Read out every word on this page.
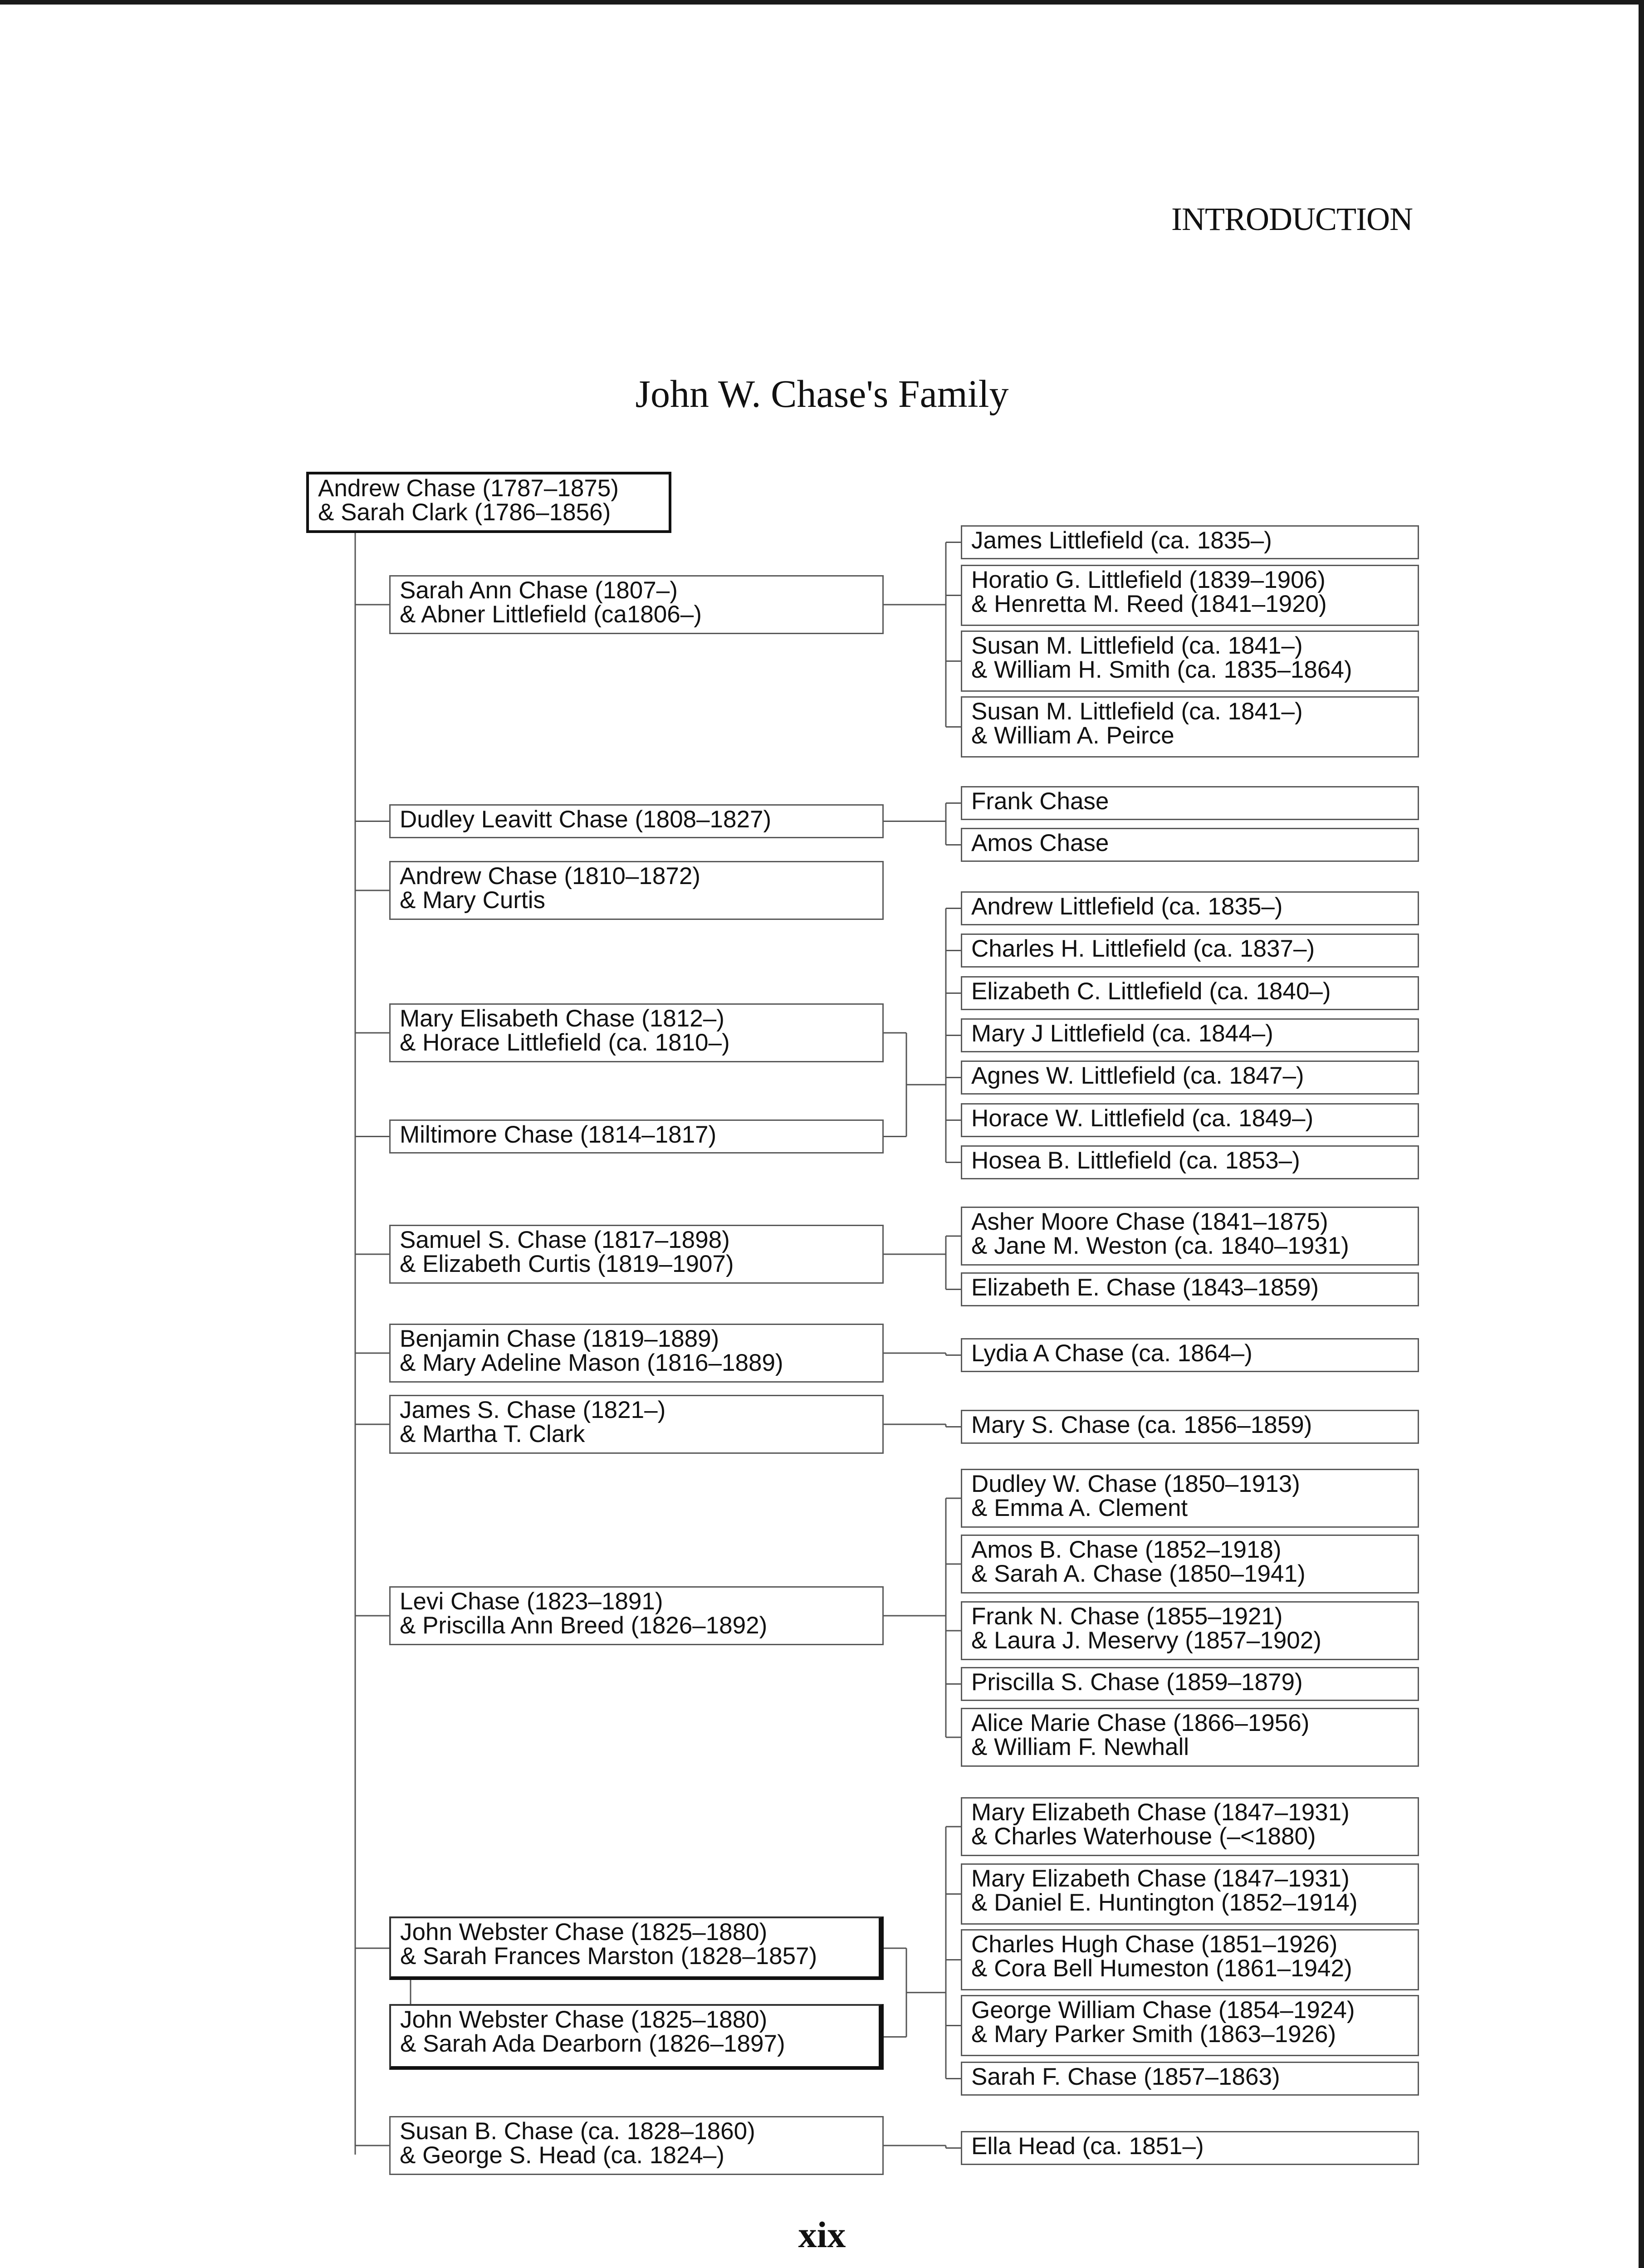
INTRODUCTION
John W. Chase's Family
Andrew Chase (1787–1875)
& Sarah Clark (1786–1856)
Sarah Ann Chase (1807–)
& Abner Littlefield (ca1806–)
Dudley Leavitt Chase (1808–1827)
Andrew Chase (1810–1872)
& Mary Curtis
Mary Elisabeth Chase (1812–)
& Horace Littlefield (ca. 1810–)
Miltimore Chase (1814–1817)
Samuel S. Chase (1817–1898)
& Elizabeth Curtis (1819–1907)
Benjamin Chase (1819–1889)
& Mary Adeline Mason (1816–1889)
James S. Chase (1821–)
& Martha T. Clark
Levi Chase (1823–1891)
& Priscilla Ann Breed (1826–1892)
John Webster Chase (1825–1880)
& Sarah Frances Marston (1828–1857)
John Webster Chase (1825–1880)
& Sarah Ada Dearborn (1826–1897)
Susan B. Chase (ca. 1828–1860)
& George S. Head (ca. 1824–)
James Littlefield (ca. 1835–)
Horatio G. Littlefield (1839–1906)
& Henretta M. Reed (1841–1920)
Susan M. Littlefield (ca. 1841–)
& William H. Smith (ca. 1835–1864)
Susan M. Littlefield (ca. 1841–)
& William A. Peirce
Frank Chase
Amos Chase
Andrew Littlefield (ca. 1835–)
Charles H. Littlefield (ca. 1837–)
Elizabeth C. Littlefield (ca. 1840–)
Mary J Littlefield (ca. 1844–)
Agnes W. Littlefield (ca. 1847–)
Horace W. Littlefield (ca. 1849–)
Hosea B. Littlefield (ca. 1853–)
Asher Moore Chase (1841–1875)
& Jane M. Weston (ca. 1840–1931)
Elizabeth E. Chase (1843–1859)
Lydia A Chase (ca. 1864–)
Mary S. Chase (ca. 1856–1859)
Dudley W. Chase (1850–1913)
& Emma A. Clement
Amos B. Chase (1852–1918)
& Sarah A. Chase (1850–1941)
Frank N. Chase (1855–1921)
& Laura J. Meservy (1857–1902)
Priscilla S. Chase (1859–1879)
Alice Marie Chase (1866–1956)
& William F. Newhall
Mary Elizabeth Chase (1847–1931)
& Charles Waterhouse (–<1880)
Mary Elizabeth Chase (1847–1931)
& Daniel E. Huntington (1852–1914)
Charles Hugh Chase (1851–1926)
& Cora Bell Humeston (1861–1942)
George William Chase (1854–1924)
& Mary Parker Smith (1863–1926)
Sarah F. Chase (1857–1863)
Ella Head (ca. 1851–)
xix
